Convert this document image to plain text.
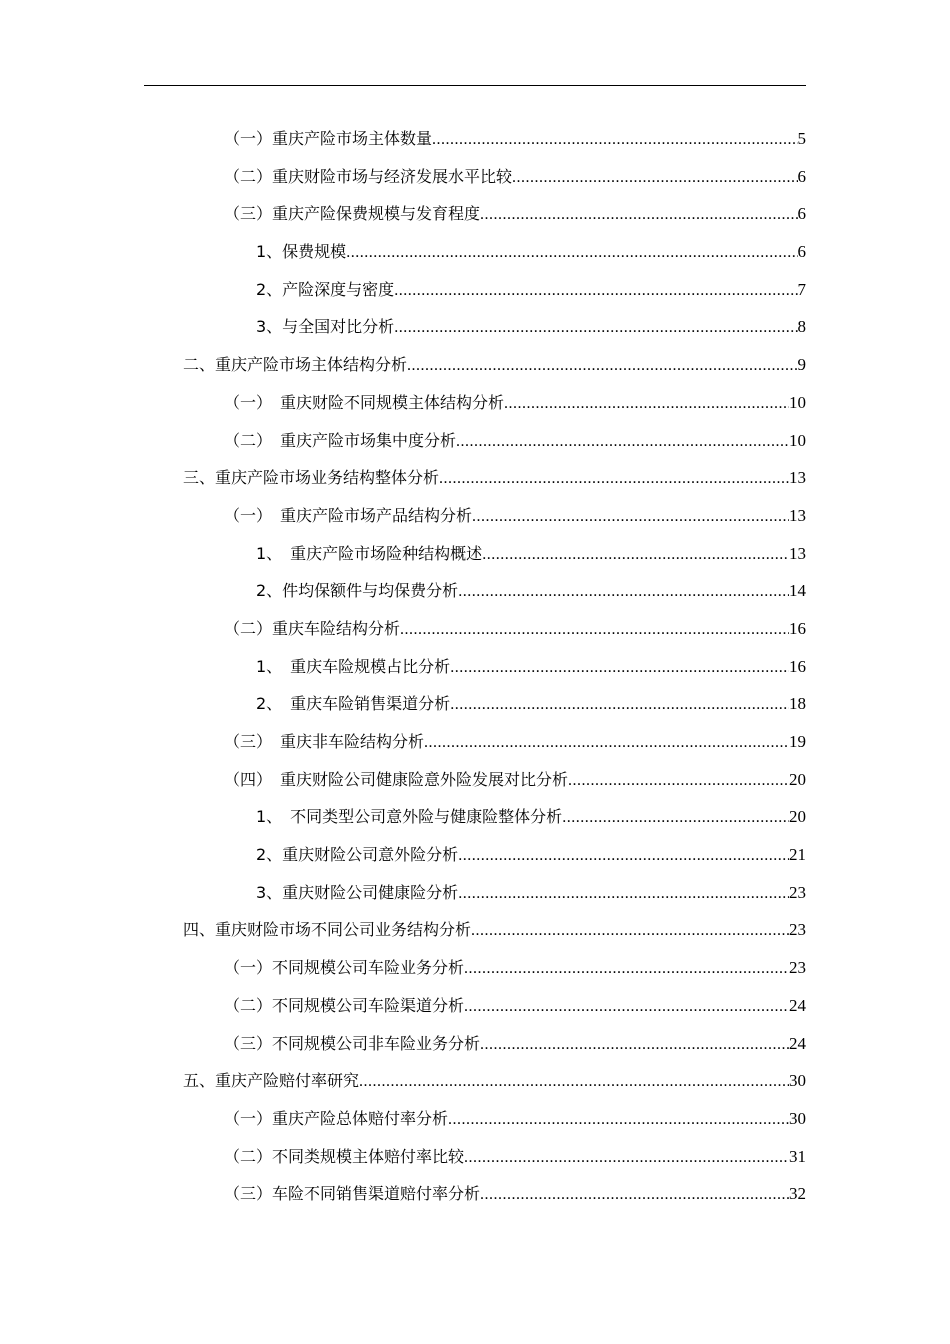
（一）重庆产险市场主体数量 .....	5
（二）重庆财险市场与经济发展水平比较 .....	6
（三）重庆产险保费规模与发育程度 .....	6
1、保费规模 .....	6
2、产险深度与密度 .....	7
3、与全国对比分析 .....	8
二、重庆产险市场主体结构分析 .....	9
（一）　重庆财险不同规模主体结构分析 .....	10
（二）　重庆产险市场集中度分析 .....	10
三、重庆产险市场业务结构整体分析 .....	13
（一）　重庆产险市场产品结构分析 .....	13
1、　重庆产险市场险种结构概述 .....	13
2、件均保额件与均保费分析 .....	14
（二）重庆车险结构分析 .....	16
1、　重庆车险规模占比分析 .....	16
2、　重庆车险销售渠道分析 .....	18
（三）　重庆非车险结构分析 .....	19
（四）　重庆财险公司健康险意外险发展对比分析 .....	20
1、　不同类型公司意外险与健康险整体分析 .....	20
2、重庆财险公司意外险分析 .....	21
3、重庆财险公司健康险分析 .....	23
四、重庆财险市场不同公司业务结构分析 .....	23
（一）不同规模公司车险业务分析 .....	23
（二）不同规模公司车险渠道分析 .....	24
（三）不同规模公司非车险业务分析 .....	24
五、重庆产险赔付率研究 .....	30
（一）重庆产险总体赔付率分析 .....	30
（二）不同类规模主体赔付率比较 .....	31
（三）车险不同销售渠道赔付率分析 .....	32
